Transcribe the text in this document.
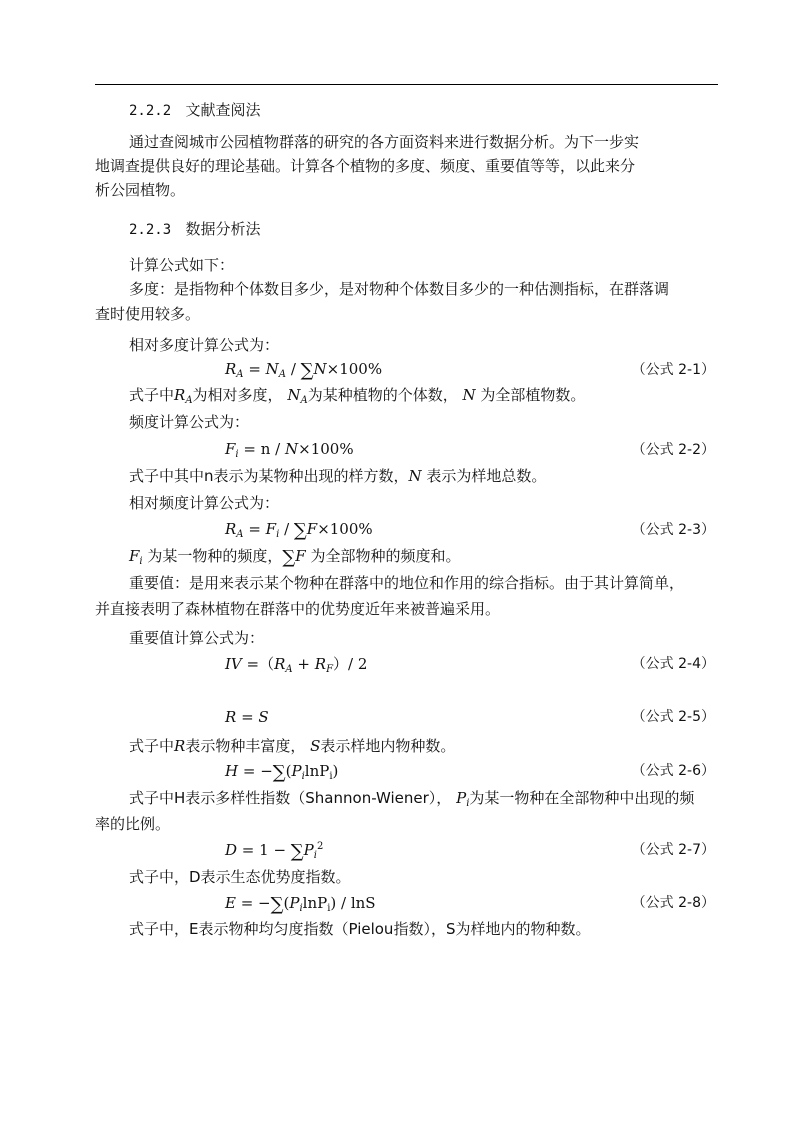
2.2.2 文献查阅法
通过查阅城市公园植物群落的研究的各方面资料来进行数据分析。为下一步实
地调查提供良好的理论基础。计算各个植物的多度、频度、重要值等等，以此来分
析公园植物。
2.2.3 数据分析法
计算公式如下：
多度：是指物种个体数目多少，是对物种个体数目多少的一种估测指标，在群落调
查时使用较多。
相对多度计算公式为：
$R_A = N_A / \sum N\times 100\%$	（公式 2-1）
式子中$R_A$为相对多度， $N_A$为某种植物的个体数， N 为全部植物数。
频度计算公式为：
$F_i = n / N\times 100\%$	（公式 2-2）
式子中其中n表示为某物种出现的样方数，N 表示为样地总数。
相对频度计算公式为：
$R_A = F_i / \sum F\times 100\%$	（公式 2-3）
$F_i$ 为某一物种的频度，∑F 为全部物种的频度和。
重要值：是用来表示某个物种在群落中的地位和作用的综合指标。由于其计算简单，
并直接表明了森林植物在群落中的优势度近年来被普遍采用。
重要值计算公式为：
IV $=(R_A + R_F)/$ 2	（公式 2-4）
R = S	（公式 2-5）
式子中R表示物种丰富度， S表示样地内物种数。
$H = -\sum(P_i\ln P_i)$	（公式 2-6）
式子中H表示多样性指数（Shannon-Wiener）， $P_i$为某一物种在全部物种中出现的频
率的比例。
$D = 1 - \sum P_i^2$	（公式 2-7）
式子中，D表示生态优势度指数。
$E = -\sum(P_i\ln P_i) / \ln S$	（公式 2-8）
式子中，E表示物种均匀度指数（Pielou指数），S为样地内的物种数。
